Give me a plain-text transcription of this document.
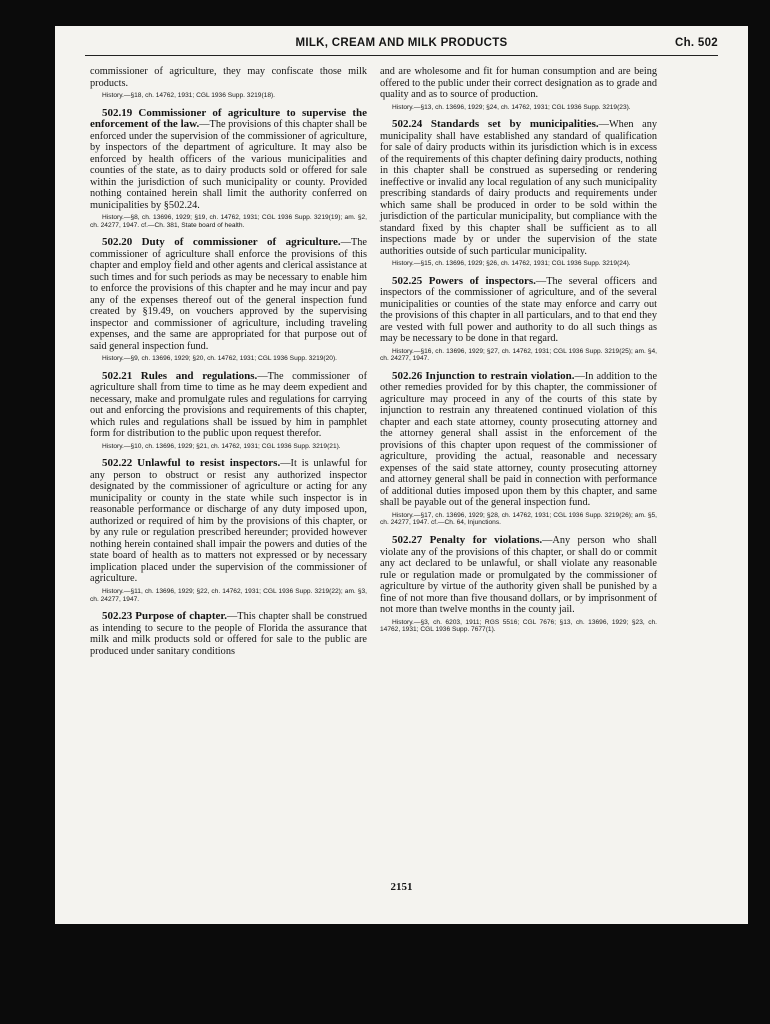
MILK, CREAM AND MILK PRODUCTS	Ch. 502

commissioner of agriculture, they may confiscate those milk products.

History.—§18, ch. 14762, 1931; CGL 1936 Supp. 3219(18).

502.19 Commissioner of agriculture to supervise the enforcement of the law.—The provisions of this chapter shall be enforced under the supervision of the commissioner of agriculture, by inspectors of the department of agriculture. It may also be enforced by health officers of the various municipalities and counties of the state, as to dairy products sold or offered for sale within the jurisdiction of such municipality or county. Provided nothing contained herein shall limit the authority conferred on municipalities by §502.24.

History.—§8, ch. 13696, 1929; §19, ch. 14762, 1931; CGL 1936 Supp. 3219(19); am. §2, ch. 24277, 1947. cf.—Ch. 381, State board of health.

502.20 Duty of commissioner of agriculture.—The commissioner of agriculture shall enforce the provisions of this chapter and employ field and other agents and clerical assistance at such times and for such periods as may be necessary to enable him to enforce the provisions of this chapter and he may incur and pay any of the expenses thereof out of the general inspection fund created by §19.49, on vouchers approved by the supervising inspector and commissioner of agriculture, including traveling expenses, and the same are appropriated for that purpose out of said general inspection fund.

History.—§9, ch. 13696, 1929; §20, ch. 14762, 1931; CGL 1936 Supp. 3219(20).

502.21 Rules and regulations.—The commissioner of agriculture shall from time to time as he may deem expedient and necessary, make and promulgate rules and regulations for carrying out and enforcing the provisions and requirements of this chapter, which rules and regulations shall be issued by him in pamphlet form for distribution to the public upon request therefor.

History.—§10, ch. 13696, 1929; §21, ch. 14762, 1931; CGL 1936 Supp. 3219(21).

502.22 Unlawful to resist inspectors.—It is unlawful for any person to obstruct or resist any authorized inspector designated by the commissioner of agriculture or acting for any municipality or county in the state while such inspector is in reasonable performance or discharge of any duty imposed upon, authorized or required of him by the provisions of this chapter, or by any rule or regulation prescribed hereunder; provided however nothing herein contained shall impair the powers and duties of the state board of health as to matters not expressed or by necessary implication placed under the supervision of the commissioner of agriculture.

History.—§11, ch. 13696, 1929; §22, ch. 14762, 1931; CGL 1936 Supp. 3219(22); am. §3, ch. 24277, 1947.

502.23 Purpose of chapter.—This chapter shall be construed as intending to secure to the people of Florida the assurance that milk and milk products sold or offered for sale to the public are produced under sanitary conditions

and are wholesome and fit for human consumption and are being offered to the public under their correct designation as to grade and quality and as to source of production.

History.—§13, ch. 13696, 1929; §24, ch. 14762, 1931; CGL 1936 Supp. 3219(23).

502.24 Standards set by municipalities.—When any municipality shall have established any standard of qualification for sale of dairy products within its jurisdiction which is in excess of the requirements of this chapter defining dairy products, nothing in this chapter shall be construed as superseding or rendering ineffective or invalid any local regulation of any such municipality prescribing standards of dairy products and requirements under which same shall be produced in order to be sold within the jurisdiction of the particular municipality, but compliance with the standard fixed by this chapter shall be sufficient as to all inspections made by or under the supervision of the state authorities outside of such particular municipality.

History.—§15, ch. 13696, 1929; §26, ch. 14762, 1931; CGL 1936 Supp. 3219(24).

502.25 Powers of inspectors.—The several officers and inspectors of the commissioner of agriculture, and of the several municipalities or counties of the state may enforce and carry out the provisions of this chapter in all particulars, and to that end they are vested with full power and authority to do all such things as may be necessary to be done in that regard.

History.—§16, ch. 13696, 1929; §27, ch. 14762, 1931; CGL 1936 Supp. 3219(25); am. §4, ch. 24277, 1947.

502.26 Injunction to restrain violation.—In addition to the other remedies provided for by this chapter, the commissioner of agriculture may proceed in any of the courts of this state by injunction to restrain any threatened continued violation of this chapter and each state attorney, county prosecuting attorney and the attorney general shall assist in the enforcement of the provisions of this chapter upon request of the commissioner of agriculture, providing the actual, reasonable and necessary expenses of the said state attorney, county prosecuting attorney and attorney general shall be paid in connection with performance of additional duties imposed upon them by this chapter, and same shall be payable out of the general inspection fund.

History.—§17, ch. 13696, 1929; §28, ch. 14762, 1931; CGL 1936 Supp. 3219(26); am. §5, ch. 24277, 1947. cf.—Ch. 64, Injunctions.

502.27 Penalty for violations.—Any person who shall violate any of the provisions of this chapter, or shall do or commit any act declared to be unlawful, or shall violate any reasonable rule or regulation made or promulgated by the commissioner of agriculture by virtue of the authority given shall be punished by a fine of not more than five thousand dollars, or by imprisonment of not more than twelve months in the county jail.

History.—§3, ch. 6203, 1911; RGS 5516; CGL 7676; §13, ch. 13696, 1929; §23, ch. 14762, 1931; CGL 1936 Supp. 7677(1).

2151
